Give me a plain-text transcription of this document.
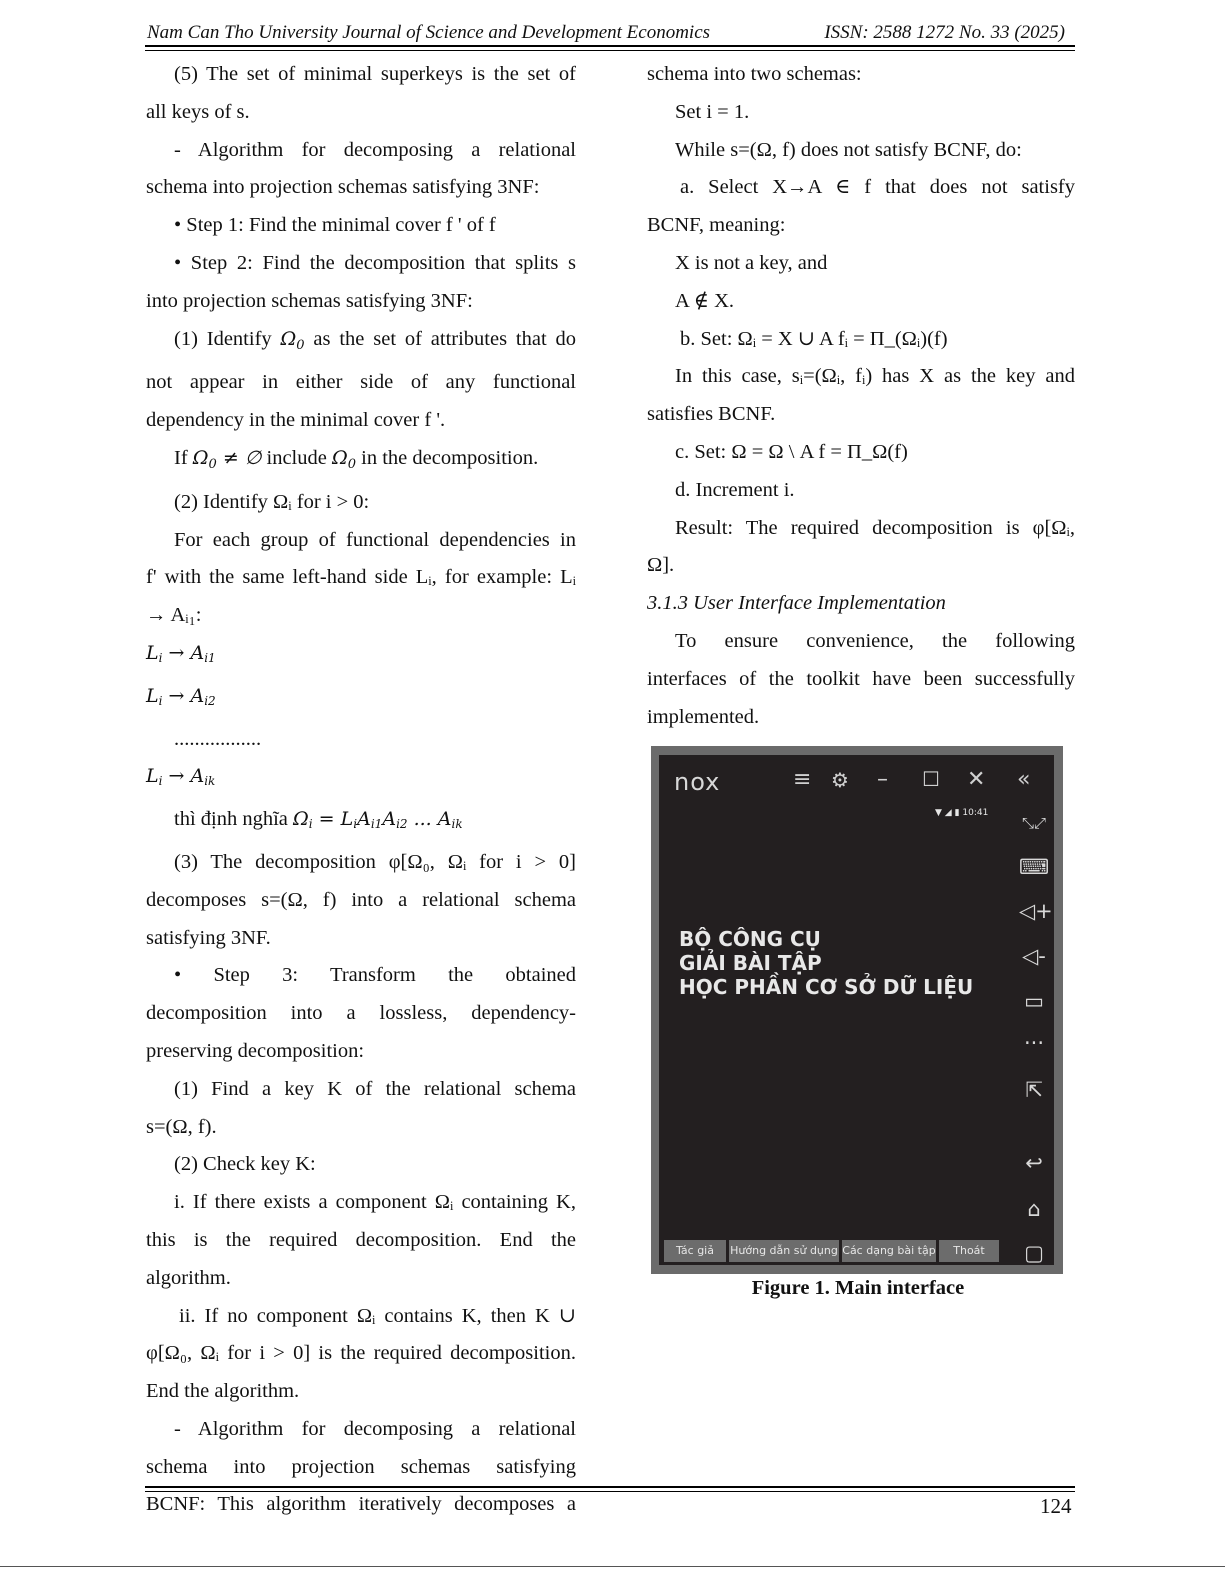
Nam Can Tho University Journal of Science and Development Economics	ISSN: 2588 1272 No. 33 (2025)

(5) The set of minimal superkeys is the set of

all keys of s.

- Algorithm for decomposing a relational

schema into projection schemas satisfying 3NF:

• Step 1: Find the minimal cover f ' of f

• Step 2: Find the decomposition that splits s

into projection schemas satisfying 3NF:

(1) Identify $\Omega_0$ as the set of attributes that do

not appear in either side of any functional

dependency in the minimal cover f '.

If $\Omega_0$ ≠ ∅ include $\Omega_0$ in the decomposition.

(2) Identify Ωᵢ for i > 0:

For each group of functional dependencies in

f' with the same left-hand side Lᵢ, for example: Lᵢ

→ Aᵢ₁:

Li → Ai1

Li → Ai2

.................

Li → Aik

thì định nghĩa Ωi = LiAi1Ai2 ... Aik

(3) The decomposition φ[Ω₀, Ωᵢ for i > 0]

decomposes s=(Ω, f) into a relational schema

satisfying 3NF.

• Step 3: Transform the obtained

decomposition into a lossless, dependency-

preserving decomposition:

(1) Find a key K of the relational schema

s=(Ω, f).

(2) Check key K:

i. If there exists a component Ωᵢ containing K,

this is the required decomposition. End the

algorithm.

ii. If no component Ωᵢ contains K, then K ∪

φ[Ω₀, Ωᵢ for i > 0] is the required decomposition.

End the algorithm.

- Algorithm for decomposing a relational

schema into projection schemas satisfying

BCNF: This algorithm iteratively decomposes a

schema into two schemas:

Set i = 1.

While s=(Ω, f) does not satisfy BCNF, do:

a. Select X→A ∈ f that does not satisfy

BCNF, meaning:

X is not a key, and

A ∉ X.

b. Set: Ωᵢ = X ∪ A fᵢ = Π_(Ωᵢ)(f)

In this case, sᵢ=(Ωᵢ, fᵢ) has X as the key and

satisfies BCNF.

c. Set: Ω = Ω \ A f = Π_Ω(f)

d. Increment i.

Result: The required decomposition is φ[Ωᵢ,

Ω].

3.1.3 User Interface Implementation

To ensure convenience, the following

interfaces of the toolkit have been successfully

implemented.

nox	≡ ⚙ – ☐ ✕ «
▼ ◢ ▮ 10:41
⤡⤢
⌨
◁+
◁-
▭
···
⇱
↩
⌂
▢
BỘ CÔNG CỤ
GIẢI BÀI TẬP
HỌC PHẦN CƠ SỞ DỮ LIỆU
Tác giả	Hướng dẫn sử dụng Các dạng bài tập	Thoát
Figure 1. Main interface
124
